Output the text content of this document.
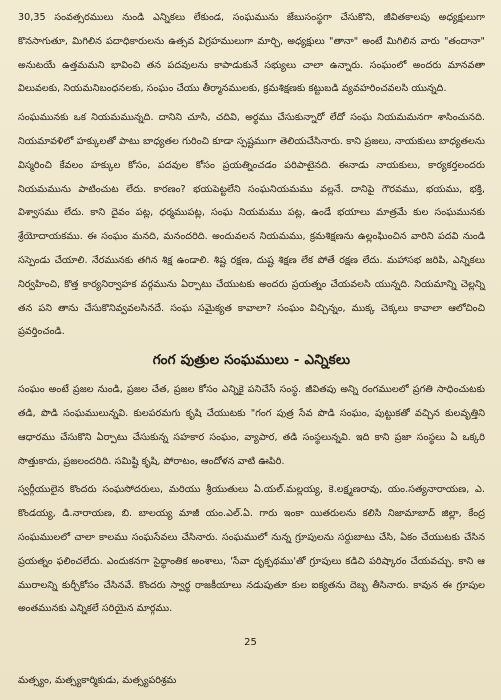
30,35 సంవత్సరములు నుండి ఎన్నికలు లేకుండ, సంఘమును జేబుసంస్థగా చేసుకొని, జీవితకాలపు అధ్యక్షులుగా కొనసాగుతూ, మిగిలిన పదాధికారులను ఉత్సవ విగ్రహములుగా మార్చి, అధ్యక్షులు "తానా" అంటే మిగిలిన వారు "తందానా" అనుటయే ఉత్తమమని భావించి తన పదవులను కాపాడుకునే సభ్యులు చాలా ఉన్నారు. సంఘంలో అందరు మానవతా విలువలకు, నియమనిబంధనలకు, సంఘం చేయు తీర్మానములకు, క్రమశిక్షణకు కట్టుబడి వ్యవహరించవలసి యున్నది.

సంఘమునకు ఒక నియమమున్నది. దానిని చూసి, చదివి, అర్థము చేసుకున్నారో లేదో సంఘ నియమమనగా శాసించునది. నియమావళిలో హక్కులతో పాటు బాధ్యతల గురించి కూడా స్పష్టముగా తెలియచేసినారు. కాని ప్రజలు, నాయకులు బాధ్యతలను విస్మరించి కేవలం హక్కుల కోసం, పదవుల కోసం ప్రయత్నించడం పరిపాటైనది. ఈనాడు నాయకులు, కార్యకర్తలందరు నియమమును పాటించుట లేదు. కారణం? భయపెట్టలేని సంఘనియమము వల్లనే. దానిపై గౌరవము, భయము, భక్తి, విశ్వాసము లేదు. కాని దైవం పట్ల, ధర్మముపట్ల, సంఘ నియమము పట్ల, ఉండే భయాలు మాత్రమే కుల సంఘమునకు శ్రేయోదాయకము. ఈ సంఘం మనది, మనందరిది. అందువలన నియమము, క్రమశిక్షణను ఉల్లంఘించిన వారిని పదవి నుండి సస్పెండు చేయాలి. నేరమునకు తగిన శిక్ష ఉండాలి. శిష్ట రక్షణ, దుష్ట శిక్షణ లేక పోతే రక్షణ లేదు. మహాసభ జరిపి, ఎన్నికలు నిర్వహించి, కొత్త కార్యనిర్వాహక వర్గమును ఏర్పాటు చేయుటకు అందరు ప్రయత్నం చేయవలసి యున్నది. నియమాన్ని చెల్లన్ని తన పని తాను చేసుకొనివ్వవలసినదే. సంఘ సమైక్యత కావాలా? సంఘం విచ్చిన్నం, ముక్క చెక్కలు కావాలా ఆలోచించి ప్రవర్తించండి.

గంగ పుత్రుల సంఘములు - ఎన్నికలు

సంఘం అంటే ప్రజల నుండి, ప్రజల చేత, ప్రజల కోసం ఎన్నికై పనిచేసే సంస్థ. జీవితపు అన్ని రంగములలో ప్రగతి సాధించుటకు తడి, పొడి సంఘములున్నవి. కులపరమగు కృషి చేయుటకు "గంగ పుత్ర సేవ పొడి సంఘం, పుట్టుకతో వచ్చిన కులవృత్తిని ఆధారము చేసుకొని ఏర్పాటు చేసుకున్న సహకార సంఘం, వ్యాపార, తడి సంస్థలున్నవి. ఇది కాని ప్రజా సంస్థలు ఏ ఒక్కరి సొత్తుకాదు, ప్రజలందరిది. సమిష్టి కృషి, పోరాటం, ఆందోళన వాటి ఊపిరి.

స్వర్గీయులైన కొందరు సంఘసోదరులు, మరియు శ్రీయుతులు ఏ.యల్.మల్లయ్య, కె.లక్ష్మణరావు, యం.సత్యనారాయణ, ఎ. కొండయ్య, డి.నారాయణ, బి. బాలయ్య మాజీ యం.ఎల్.ఏ. గారు ఇంకా యితరులను కలిసి నిజామాబాద్ జిల్లా, కేంద్ర సంఘములలో చాలా కాలము సంఘసేవలు చేసినారు. సంఘములో నున్న గ్రూపులను సర్దుబాటు చేసి, ఏకం చేయుటకు చేసిన ప్రయత్నం ఫలించలేదు. ఎందుకనగా సైద్ధాంతిక అంశాలు, 'సేవా దృక్పథము'తో గ్రూపులు కడిచి పరిష్కారం చేయవచ్చు. కాని ఆ మురాలన్ని కుర్చీకోసం చేసినవే. కొందరు స్వార్థ రాజకీయాలు నడుపుతూ కుల ఐక్యతను దెబ్బ తీసినారు. కావున ఈ గ్రూపుల అంతమునకు ఎన్నికలే సరియైన మార్గము.

25
మత్స్యం, మత్స్యకార్మికుడు, మత్స్యపరిశ్రమ
